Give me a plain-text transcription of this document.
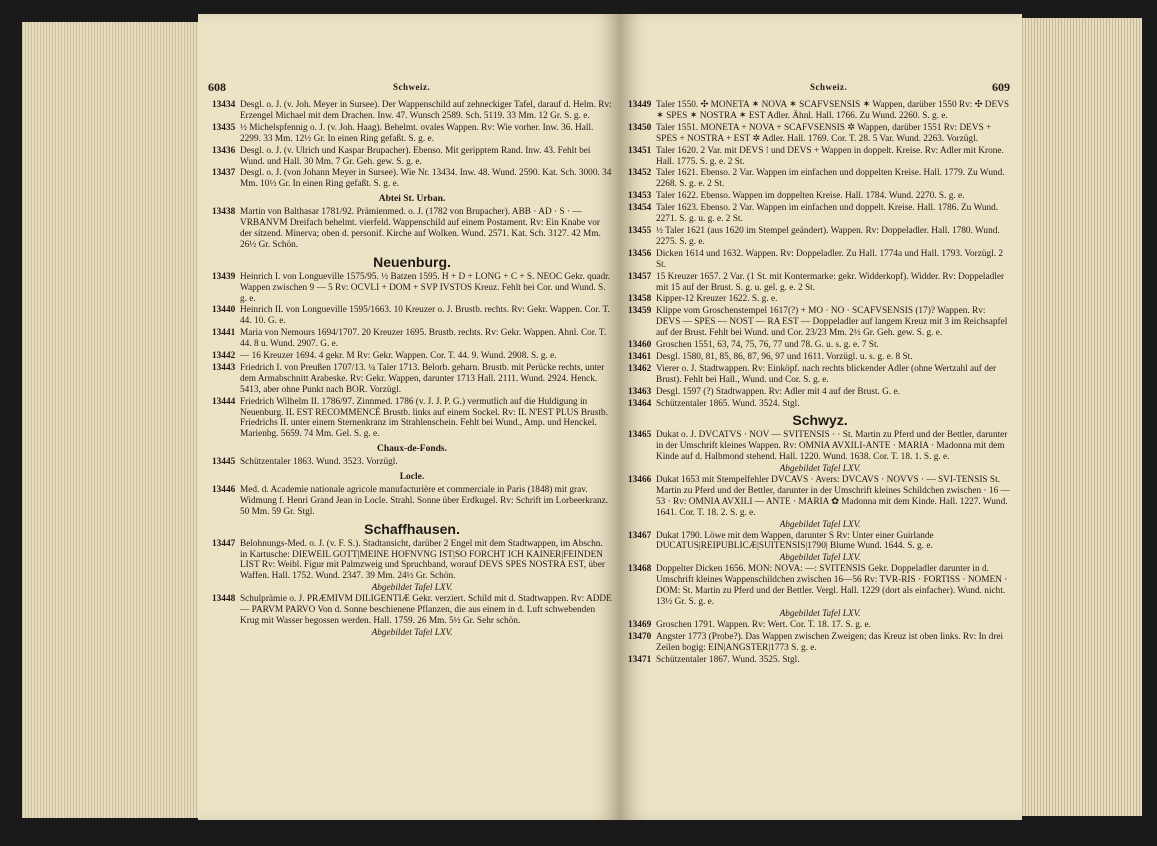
608	Schweiz.
13434 Desgl. o. J. (v. Joh. Meyer in Sursee). Der Wappenschild auf zehneckiger Tafel, darauf d. Helm. Rv: Erzengel Michael mit dem Drachen. Inw. 47. Wunsch 2589. Sch. 5119. 33 Mm. 12 Gr. S. g. e.
13435 ½ Michelspfennig o. J. (v. Joh. Haag). Behelmt. ovales Wappen. Rv: Wie vorher. Inw. 36. Hall. 2299. 33 Mm. 12½ Gr. In einen Ring gefaßt. S. g. e.
13436 Desgl. o. J. (v. Ulrich und Kaspar Brupacher). Ebenso. Mit geripptem Rand. Inw. 43. Fehlt bei Wund. und Hall. 30 Mm. 7 Gr. Geh. gew. S. g. e.
13437 Desgl. o. J. (von Johann Meyer in Sursee). Wie Nr. 13434. Inw. 48. Wund. 2590. Kat. Sch. 3000. 34 Mm. 10½ Gr. In einen Ring gefaßt. S. g. e.
Abtei St. Urban.
13438 Martin von Balthasar 1781/92. Prämienmed. o. J. (1782 von Brupacher). ABB · AD · S · — VRBANVM Dreifach behelmt. vierfeld. Wappenschild auf einem Postament. Rv: Ein Knabe vor der sitzend. Minerva; oben d. personif. Kirche auf Wolken. Wund. 2571. Kat. Sch. 3127. 42 Mm. 26½ Gr. Schön.
Neuenburg.
13439 Heinrich I. von Longueville 1575/95. ½ Batzen 1595. H + D + LONG + C + S. NEOC Gekr. quadr. Wappen zwischen 9 — 5 Rv: OCVLI + DOM + SVP IVSTOS Kreuz. Fehlt bei Cor. und Wund. S. g. e.
13440 Heinrich II. von Longueville 1595/1663. 10 Kreuzer o. J. Brustb. rechts. Rv: Gekr. Wappen. Cor. T. 44. 10. G. e.
13441 Maria von Nemours 1694/1707. 20 Kreuzer 1695. Brustb. rechts. Rv: Gekr. Wappen. Ahnl. Cor. T. 44. 8 u. Wund. 2907. G. e.
13442 — 16 Kreuzer 1694. 4 gekr. M Rv: Gekr. Wappen. Cor. T. 44. 9. Wund. 2908. S. g. e.
13443 Friedrich I. von Preußen 1707/13. ¼ Taler 1713. Belorb. geharn. Brustb. mit Perücke rechts, unter dem Armabschnitt Arabeske. Rv: Gekr. Wappen, darunter 1713 Hall. 2111. Wund. 2924. Henck. 5413, aber ohne Punkt nach BOR. Vorzügl.
13444 Friedrich Wilhelm II. 1786/97. Zinnmed. 1786 (v. J. J. P. G.) vermutlich auf die Huldigung in Neuenburg. IL EST RECOMMENCÉ Brustb. links auf einem Sockel. Rv: IL N'EST PLUS Brustb. Friedrichs II. unter einem Sternenkranz im Strahlenschein. Fehlt bei Wund., Amp. und Henckel. Marienbg. 5659. 74 Mm. Gel. S. g. e.
Chaux-de-Fonds.
13445 Schützentaler 1863. Wund. 3523. Vorzügl.
Locle.
13446 Med. d. Academie nationale agricole manufacturière et commerciale in Paris (1848) mit grav. Widmung f. Henri Grand Jean in Locle. Strahl. Sonne über Erdkugel. Rv: Schrift im Lorbeerkranz. 50 Mm. 59 Gr. Stgl.
Schaffhausen.
13447 Belohnungs-Med. o. J. (v. F. S.). Stadtansicht, darüber 2 Engel mit dem Stadtwappen, im Abschn. in Kartusche: DIEWEIL GOTT|MEINE HOFNVNG IST|SO FORCHT ICH KAINER|FEINDEN LIST Rv: Weibl. Figur mit Palmzweig und Spruchband, worauf DEVS SPES NOSTRA EST, über Waffen. Hall. 1752. Wund. 2347. 39 Mm. 24½ Gr. Schön.
Abgebildet Tafel LXV.
13448 Schulprämie o. J. PRÆMIVM DILIGENTIÆ Gekr. verziert. Schild mit d. Stadtwappen. Rv: ADDE — PARVM PARVO Von d. Sonne beschienene Pflanzen, die aus einem in d. Luft schwebenden Krug mit Wasser begossen werden. Hall. 1759. 26 Mm. 5½ Gr. Sehr schön.
Abgebildet Tafel LXV.
Schweiz.	609
13449 Taler 1550. ✣ MONETA ✶ NOVA ✶ SCAFVSENSIS ✶ Wappen, darüber 1550 Rv: ✣ DEVS ✶ SPES ✶ NOSTRA ✶ EST Adler. Ähnl. Hall. 1766. Zu Wund. 2260. S. g. e.
13450 Taler 1551. MONETA + NOVA + SCAFVSENSIS ✲ Wappen, darüber 1551 Rv: DEVS + SPES + NOSTRA + EST ✲ Adler. Hall. 1769. Cor. T. 28. 5 Var. Wund. 2263. Vorzügl.
13451 Taler 1620. 2 Var. mit DEVS ⁝ und DEVS + Wappen in doppelt. Kreise. Rv: Adler mit Krone. Hall. 1775. S. g. e. 2 St.
13452 Taler 1621. Ebenso. 2 Var. Wappen im einfachen und doppelten Kreise. Hall. 1779. Zu Wund. 2268. S. g. e. 2 St.
13453 Taler 1622. Ebenso. Wappen im doppelten Kreise. Hall. 1784. Wund. 2270. S. g. e.
13454 Taler 1623. Ebenso. 2 Var. Wappen im einfachen und doppelt. Kreise. Hall. 1786. Zu Wund. 2271. S. g. u. g. e. 2 St.
13455 ½ Taler 1621 (aus 1620 im Stempel geändert). Wappen. Rv: Doppeladler. Hall. 1780. Wund. 2275. S. g. e.
13456 Dicken 1614 und 1632. Wappen. Rv: Doppeladler. Zu Hall. 1774a und Hall. 1793. Vorzügl. 2 St.
13457 15 Kreuzer 1657. 2 Var. (1 St. mit Kontermarke: gekr. Widderkopf). Widder. Rv: Doppeladler mit 15 auf der Brust. S. g. u. gel. g. e. 2 St.
13458 Kipper-12 Kreuzer 1622. S. g. e.
13459 Klippe vom Groschenstempel 1617(?) + MO · NO · SCAFVSENSIS (17)? Wappen. Rv: DEVS — SPES — NOST — RA EST — Doppeladler auf langem Kreuz mit 3 im Reichsapfel auf der Brust. Fehlt bei Wund. und Cor. 23/23 Mm. 2½ Gr. Geh. gew. S. g. e.
13460 Groschen 1551, 63, 74, 75, 76, 77 und 78. G. u. s. g. e. 7 St.
13461 Desgl. 1580, 81, 85, 86, 87, 96, 97 und 1611. Vorzügl. u. s. g. e. 8 St.
13462 Vierer o. J. Stadtwappen. Rv: Einköpf. nach rechts blickender Adler (ohne Wertzahl auf der Brust). Fehlt bei Hall., Wund. und Cor. S. g. e.
13463 Desgl. 1597 (?) Stadtwappen. Rv: Adler mit 4 auf der Brust. G. e.
13464 Schützentaler 1865. Wund. 3524. Stgl.
Schwyz.
13465 Dukat o. J. DVCATVS · NOV — SVITENSIS · · St. Martin zu Pferd und der Bettler, darunter in der Umschrift kleines Wappen. Rv: OMNIA AVXILI-ANTE · MARIA · Madonna mit dem Kinde auf d. Halbmond stehend. Hall. 1220. Wund. 1638. Cor. T. 18. 1. S. g. e.
Abgebildet Tafel LXV.
13466 Dukat 1653 mit Stempelfehler DVCAVS · Avers: DVCAVS · NOVVS · — SVI-TENSIS St. Martin zu Pferd und der Bettler, darunter in der Umschrift kleines Schildchen zwischen · 16 — 53 · Rv: OMNIA AVXILI — ANTE · MARIA ✿ Madonna mit dem Kinde. Hall. 1227. Wund. 1641. Cor. T. 18. 2. S. g. e.
Abgebildet Tafel LXV.
13467 Dukat 1790. Löwe mit dem Wappen, darunter S Rv: Unter einer Guirlande DUCATUS|REIPUBLICÆ|SUITENSIS|1790| Blume Wund. 1644. S. g. e.
Abgebildet Tafel LXV.
13468 Doppelter Dicken 1656. MON: NOVA: —: SVITENSIS Gekr. Doppeladler darunter in d. Umschrift kleines Wappenschildchen zwischen 16—56 Rv: TVR-RIS · FORTISS · NOMEN · DOM: St. Martin zu Pferd und der Bettler. Vergl. Hall. 1229 (dort als einfacher). Wund. nicht. 13½ Gr. S. g. e.
Abgebildet Tafel LXV.
13469 Groschen 1791. Wappen. Rv: Wert. Cor. T. 18. 17. S. g. e.
13470 Angster 1773 (Probe?). Das Wappen zwischen Zweigen; das Kreuz ist oben links. Rv: In drei Zeilen bogig: EIN|ANGSTER|1773 S. g. e.
13471 Schützentaler 1867. Wund. 3525. Stgl.
